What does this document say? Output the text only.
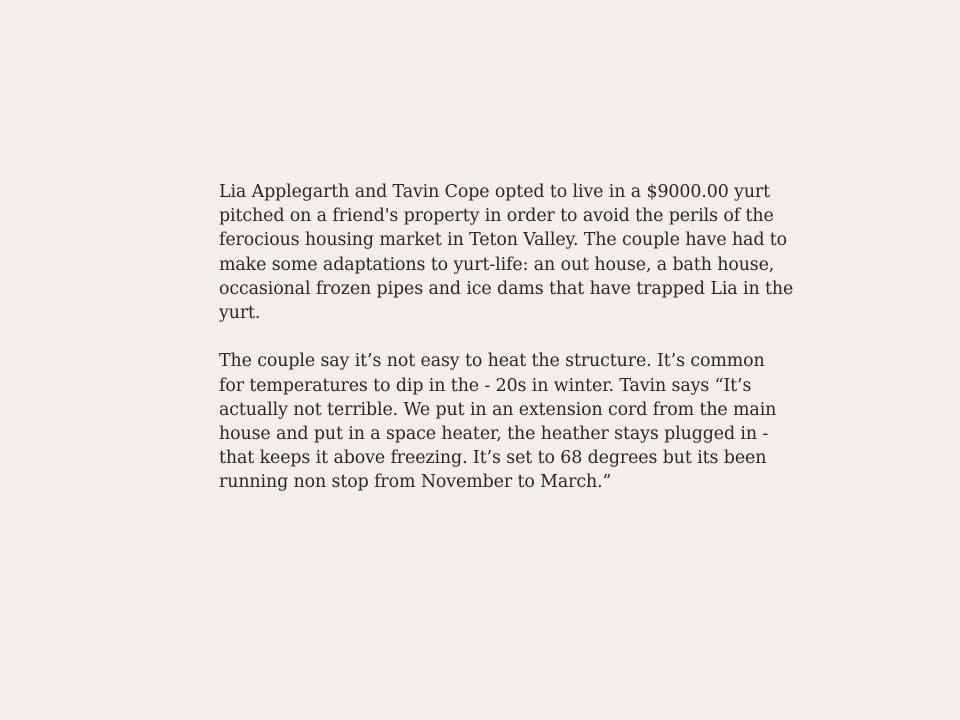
Lia Applegarth and Tavin Cope opted to live in a $9000.00 yurt pitched on a friend's property in order to avoid the perils of the ferocious housing market in Teton Valley. The couple have had to make some adaptations to yurt-life: an out house, a bath house, occasional frozen pipes and ice dams that have trapped Lia in the yurt.

The couple say it’s not easy to heat the structure. It’s common for temperatures to dip in the - 20s in winter. Tavin says “It’s actually not terrible. We put in an extension cord from the main house and put in a space heater, the heather stays plugged in - that keeps it above freezing. It’s set to 68 degrees but its been running non stop from November to March.”
